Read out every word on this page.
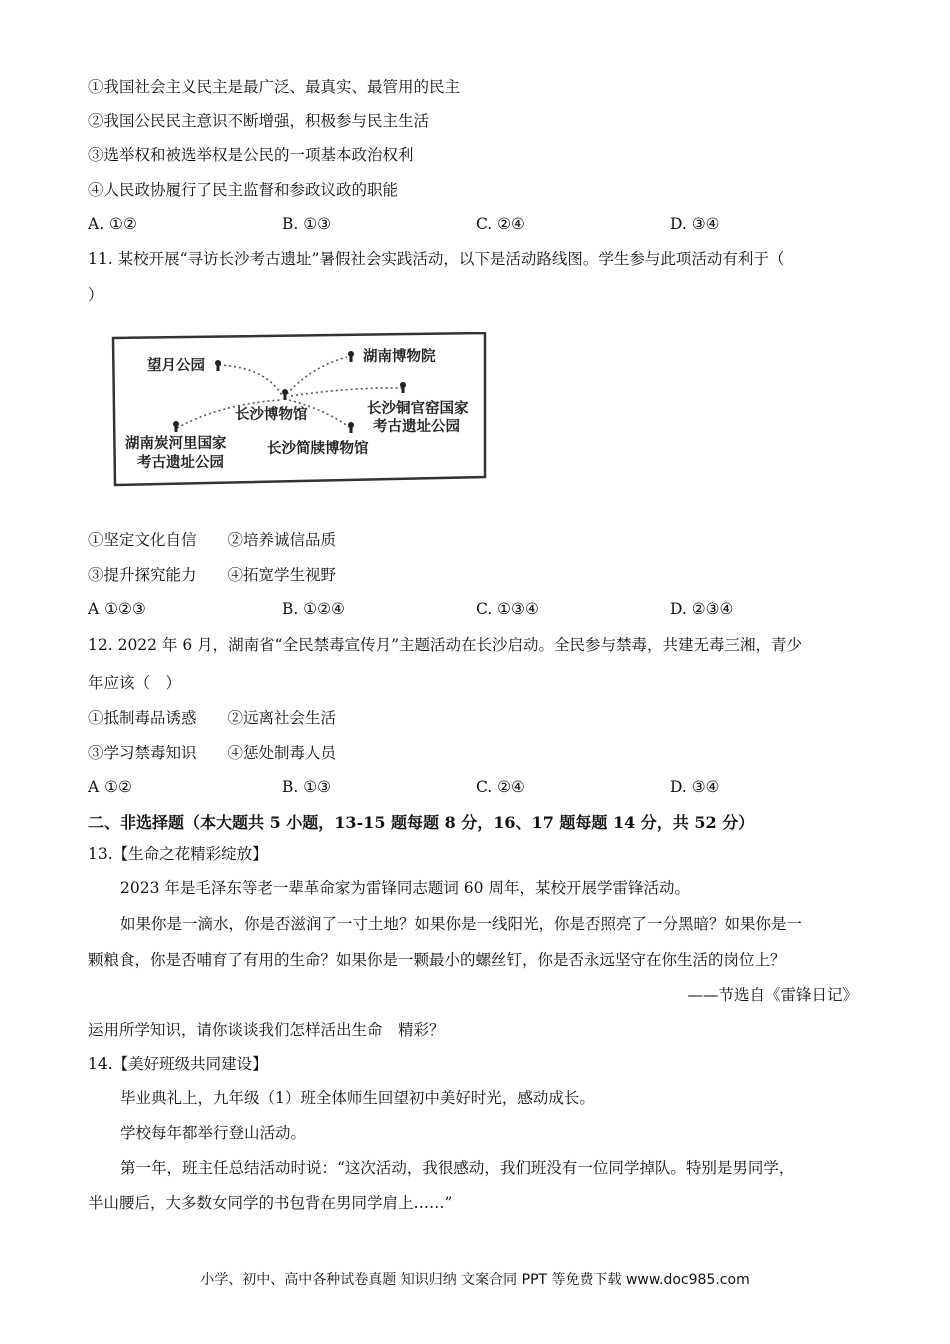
①我国社会主义民主是最广泛、最真实、最管用的民主
②我国公民民主意识不断增强，积极参与民主生活
③选举权和被选举权是公民的一项基本政治权利
④人民政协履行了民主监督和参政议政的职能
A. ①②	B. ①③	C. ②④	D. ③④
11. 某校开展“寻访长沙考古遗址”暑假社会实践活动，以下是活动路线图。学生参与此项活动有利于（
）
望月公园
湖南博物院
长沙博物馆	长沙铜官窑国家
考古遗址公园
湖南炭河里国家
考古遗址公园
长沙简牍博物馆
①坚定文化自信　　②培养诚信品质
③提升探究能力　　④拓宽学生视野
A ①②③	B. ①②④	C. ①③④	D. ②③④
12. 2022 年 6 月，湖南省“全民禁毒宣传月”主题活动在长沙启动。全民参与禁毒，共建无毒三湘，青少
年应该（　）
①抵制毒品诱惑　　②远离社会生活
③学习禁毒知识　　④惩处制毒人员
A ①②	B. ①③	C. ②④	D. ③④
二、非选择题（本大题共 5 小题，13-15 题每题 8 分，16、17 题每题 14 分，共 52 分）
13.【生命之花精彩绽放】
2023 年是毛泽东等老一辈革命家为雷锋同志题词 60 周年，某校开展学雷锋活动。
如果你是一滴水，你是否滋润了一寸土地？如果你是一线阳光，你是否照亮了一分黑暗？如果你是一
颗粮食，你是否哺育了有用的生命？如果你是一颗最小的螺丝钉，你是否永远坚守在你生活的岗位上？
——节选自《雷锋日记》
运用所学知识，请你谈谈我们怎样活出生命　精彩？
14.【美好班级共同建设】
毕业典礼上，九年级（1）班全体师生回望初中美好时光，感动成长。
学校每年都举行登山活动。
第一年，班主任总结活动时说：“这次活动，我很感动，我们班没有一位同学掉队。特别是男同学，
半山腰后，大多数女同学的书包背在男同学肩上……”
小学、初中、高中各种试卷真题 知识归纳 文案合同 PPT 等免费下载 www.doc985.com
